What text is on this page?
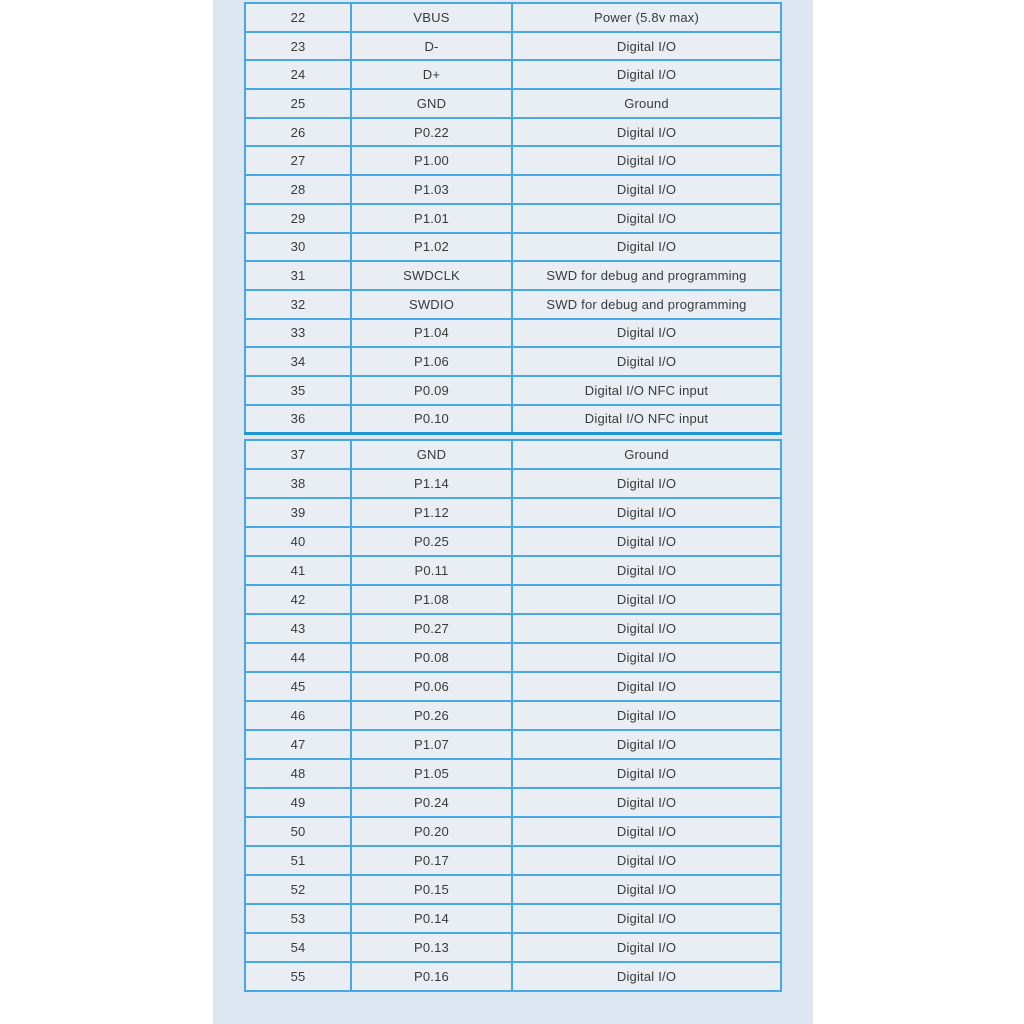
22	VBUS	Power (5.8v max)
23	D-	Digital I/O
24	D+	Digital I/O
25	GND	Ground
26	P0.22	Digital I/O
27	P1.00	Digital I/O
28	P1.03	Digital I/O
29	P1.01	Digital I/O
30	P1.02	Digital I/O
31	SWDCLK	SWD for debug and programming
32	SWDIO	SWD for debug and programming
33	P1.04	Digital I/O
34	P1.06	Digital I/O
35	P0.09	Digital I/O NFC input
36	P0.10	Digital I/O NFC input
37	GND	Ground
38	P1.14	Digital I/O
39	P1.12	Digital I/O
40	P0.25	Digital I/O
41	P0.11	Digital I/O
42	P1.08	Digital I/O
43	P0.27	Digital I/O
44	P0.08	Digital I/O
45	P0.06	Digital I/O
46	P0.26	Digital I/O
47	P1.07	Digital I/O
48	P1.05	Digital I/O
49	P0.24	Digital I/O
50	P0.20	Digital I/O
51	P0.17	Digital I/O
52	P0.15	Digital I/O
53	P0.14	Digital I/O
54	P0.13	Digital I/O
55	P0.16	Digital I/O
